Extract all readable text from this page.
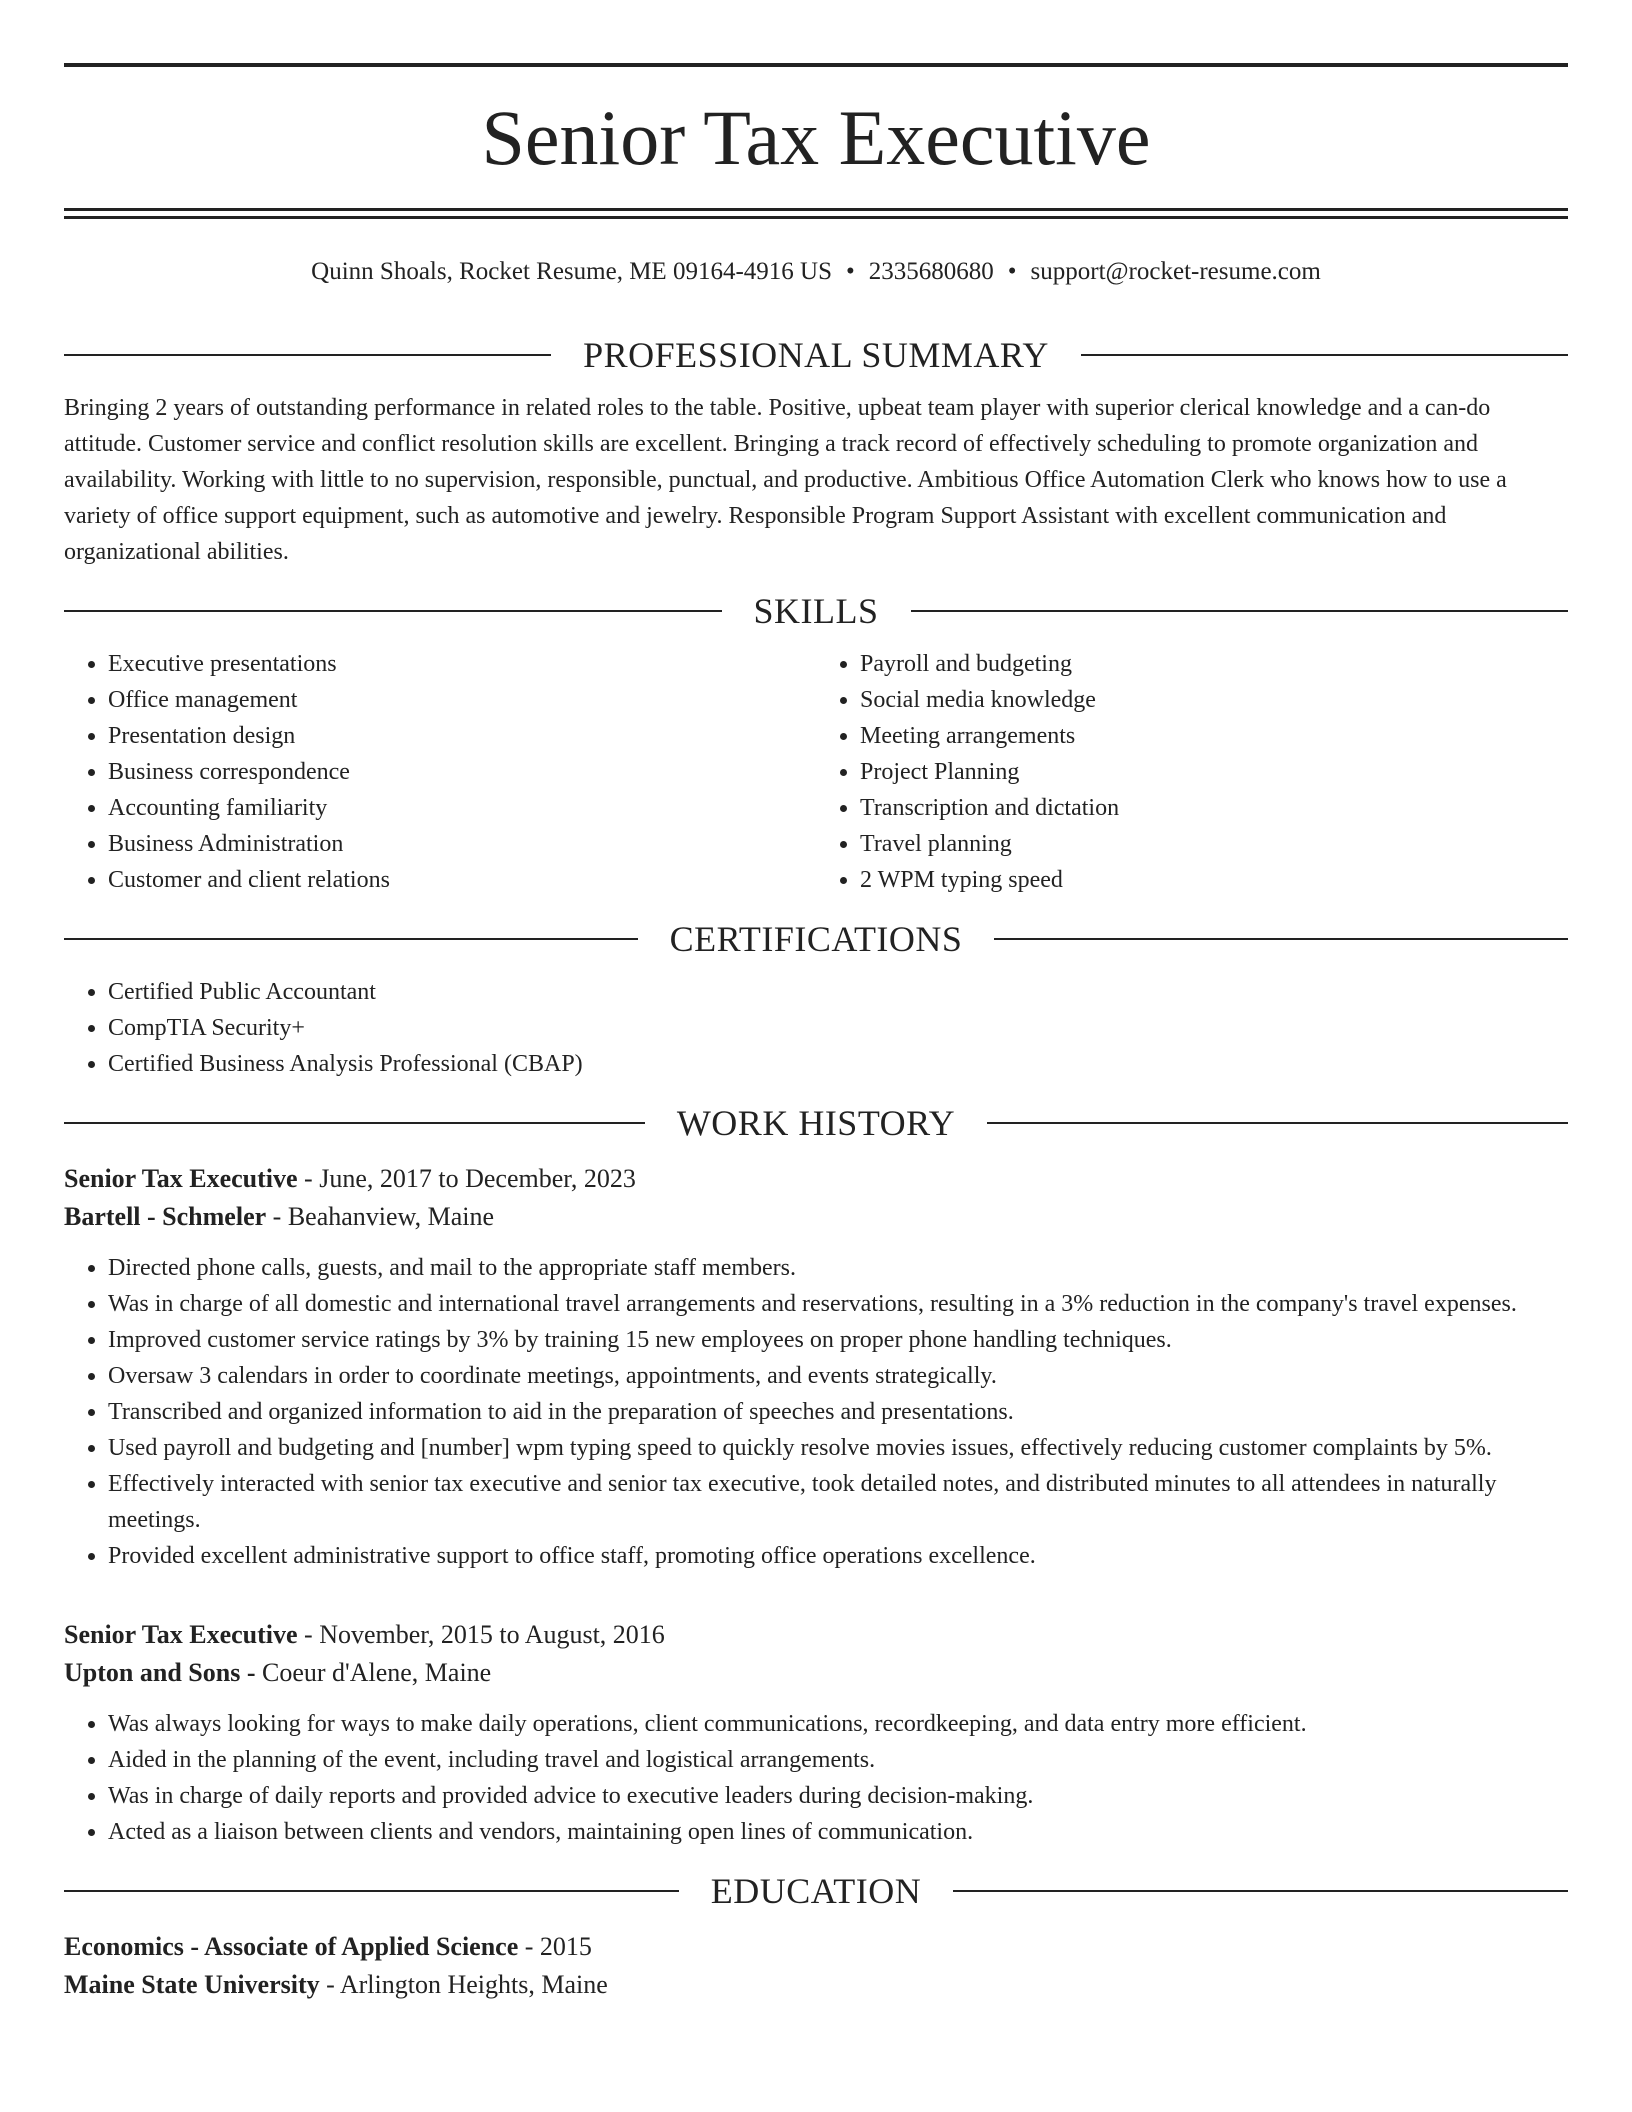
Senior Tax Executive
Quinn Shoals, Rocket Resume, ME 09164-4916 US • 2335680680 • support@rocket-resume.com
PROFESSIONAL SUMMARY

Bringing 2 years of outstanding performance in related roles to the table. Positive, upbeat team player with superior clerical knowledge and a can-do attitude. Customer service and conflict resolution skills are excellent. Bringing a track record of effectively scheduling to promote organization and availability. Working with little to no supervision, responsible, punctual, and productive. Ambitious Office Automation Clerk who knows how to use a variety of office support equipment, such as automotive and jewelry. Responsible Program Support Assistant with excellent communication and organizational abilities.

SKILLS
• Executive presentations
• Office management
• Presentation design
• Business correspondence
• Accounting familiarity
• Business Administration
• Customer and client relations
• Payroll and budgeting
• Social media knowledge
• Meeting arrangements
• Project Planning
• Transcription and dictation
• Travel planning
• 2 WPM typing speed
CERTIFICATIONS
• Certified Public Accountant
• CompTIA Security+
• Certified Business Analysis Professional (CBAP)
WORK HISTORY
Senior Tax Executive - June, 2017 to December, 2023
Bartell - Schmeler - Beahanview, Maine
• Directed phone calls, guests, and mail to the appropriate staff members.
• Was in charge of all domestic and international travel arrangements and reservations, resulting in a 3% reduction in the company's travel expenses.
• Improved customer service ratings by 3% by training 15 new employees on proper phone handling techniques.
• Oversaw 3 calendars in order to coordinate meetings, appointments, and events strategically.
• Transcribed and organized information to aid in the preparation of speeches and presentations.
• Used payroll and budgeting and [number] wpm typing speed to quickly resolve movies issues, effectively reducing customer complaints by 5%.
• Effectively interacted with senior tax executive and senior tax executive, took detailed notes, and distributed minutes to all attendees in naturally meetings.
• Provided excellent administrative support to office staff, promoting office operations excellence.
Senior Tax Executive - November, 2015 to August, 2016
Upton and Sons - Coeur d'Alene, Maine
• Was always looking for ways to make daily operations, client communications, recordkeeping, and data entry more efficient.
• Aided in the planning of the event, including travel and logistical arrangements.
• Was in charge of daily reports and provided advice to executive leaders during decision-making.
• Acted as a liaison between clients and vendors, maintaining open lines of communication.
EDUCATION
Economics - Associate of Applied Science - 2015
Maine State University - Arlington Heights, Maine
